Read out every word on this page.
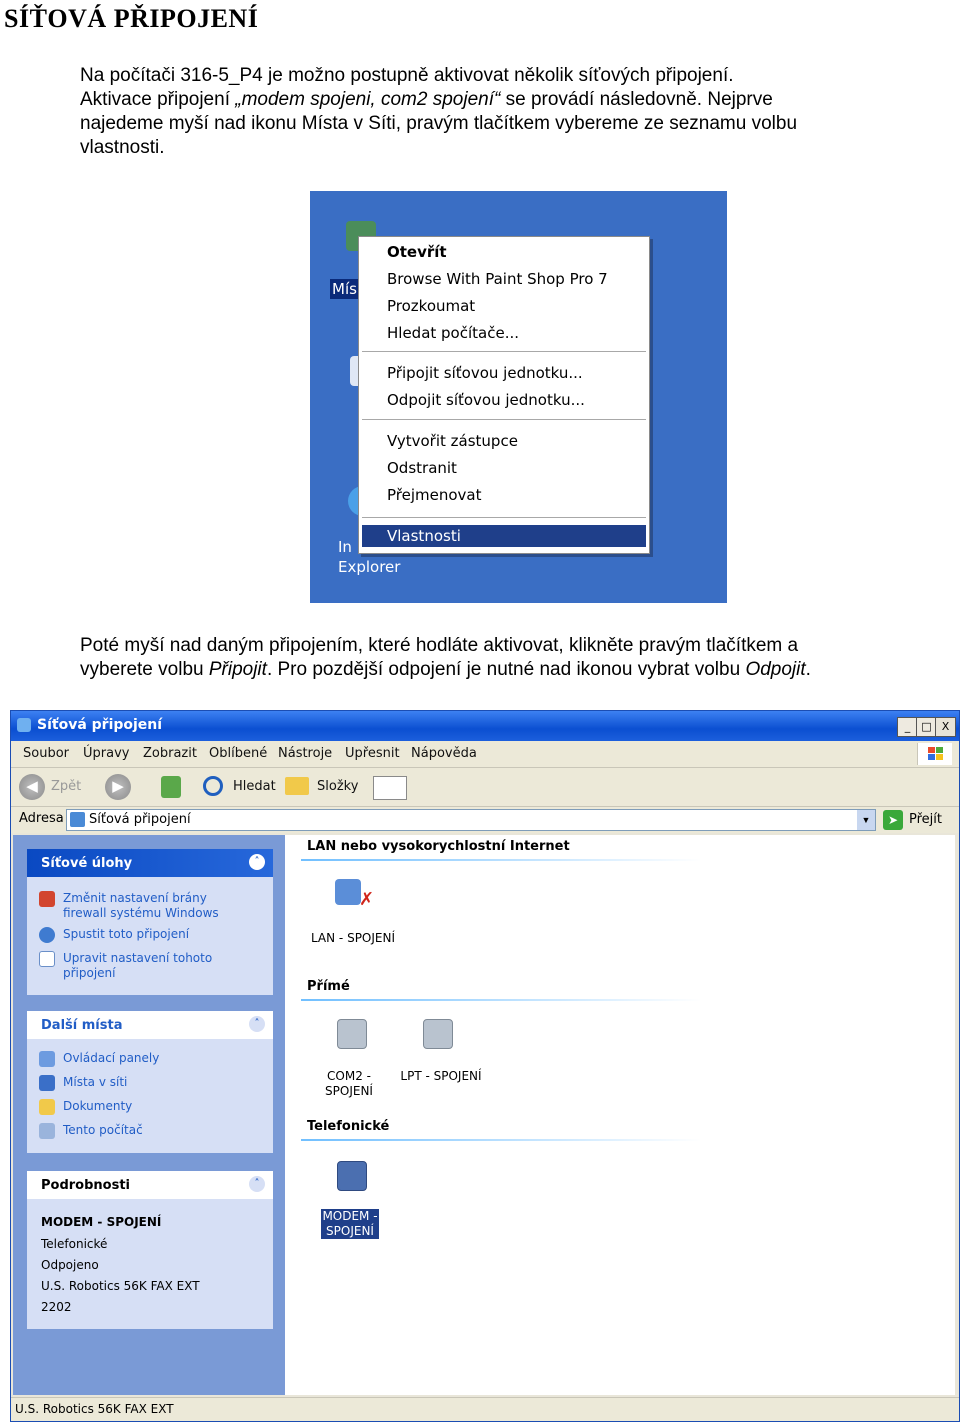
SÍŤOVÁ PŘIPOJENÍ
Na počítači 316-5_P4 je možno postupně aktivovat několik síťových připojení.
Aktivace připojení „modem spojeni, com2 spojení“ se provádí následovně. Nejprve
najedeme myší nad ikonu Místa v Síti, pravým tlačítkem vybereme ze seznamu volbu
vlastnosti.
Mís
In
Explorer
Otevřít
Browse With Paint Shop Pro 7
Prozkoumat
Hledat počítače...
Připojit síťovou jednotku...
Odpojit síťovou jednotku...
Vytvořit zástupce
Odstranit
Přejmenovat
Vlastnosti
Poté myší nad daným připojením, které hodláte aktivovat, klikněte pravým tlačítkem a
vyberete volbu Připojit. Pro pozdější odpojení je nutné nad ikonou vybrat volbu Odpojit.
Síťová připojení	_	□ X
Soubor Úpravy Zobrazit Oblíbené Nástroje Upřesnit Nápověda
◀	Zpět	▶	Hledat	Složky
Adresa Síťová připojení	▼	➤ Přejít
Síťové úlohy	˄
Změnit nastavení brány firewall systému Windows
Spustit toto připojení
Upravit nastavení tohoto připojení
Další místa	˄
Ovládací panely
Místa v síti
Dokumenty
Tento počítač
Podrobnosti	˄
MODEM - SPOJENÍ
Telefonické
Odpojeno
U.S. Robotics 56K FAX EXT
2202
LAN nebo vysokorychlostní Internet
✗
LAN - SPOJENÍ
Přímé
COM2 - SPOJENÍ
LPT - SPOJENÍ
Telefonické
MODEM - SPOJENÍ
U.S. Robotics 56K FAX EXT
